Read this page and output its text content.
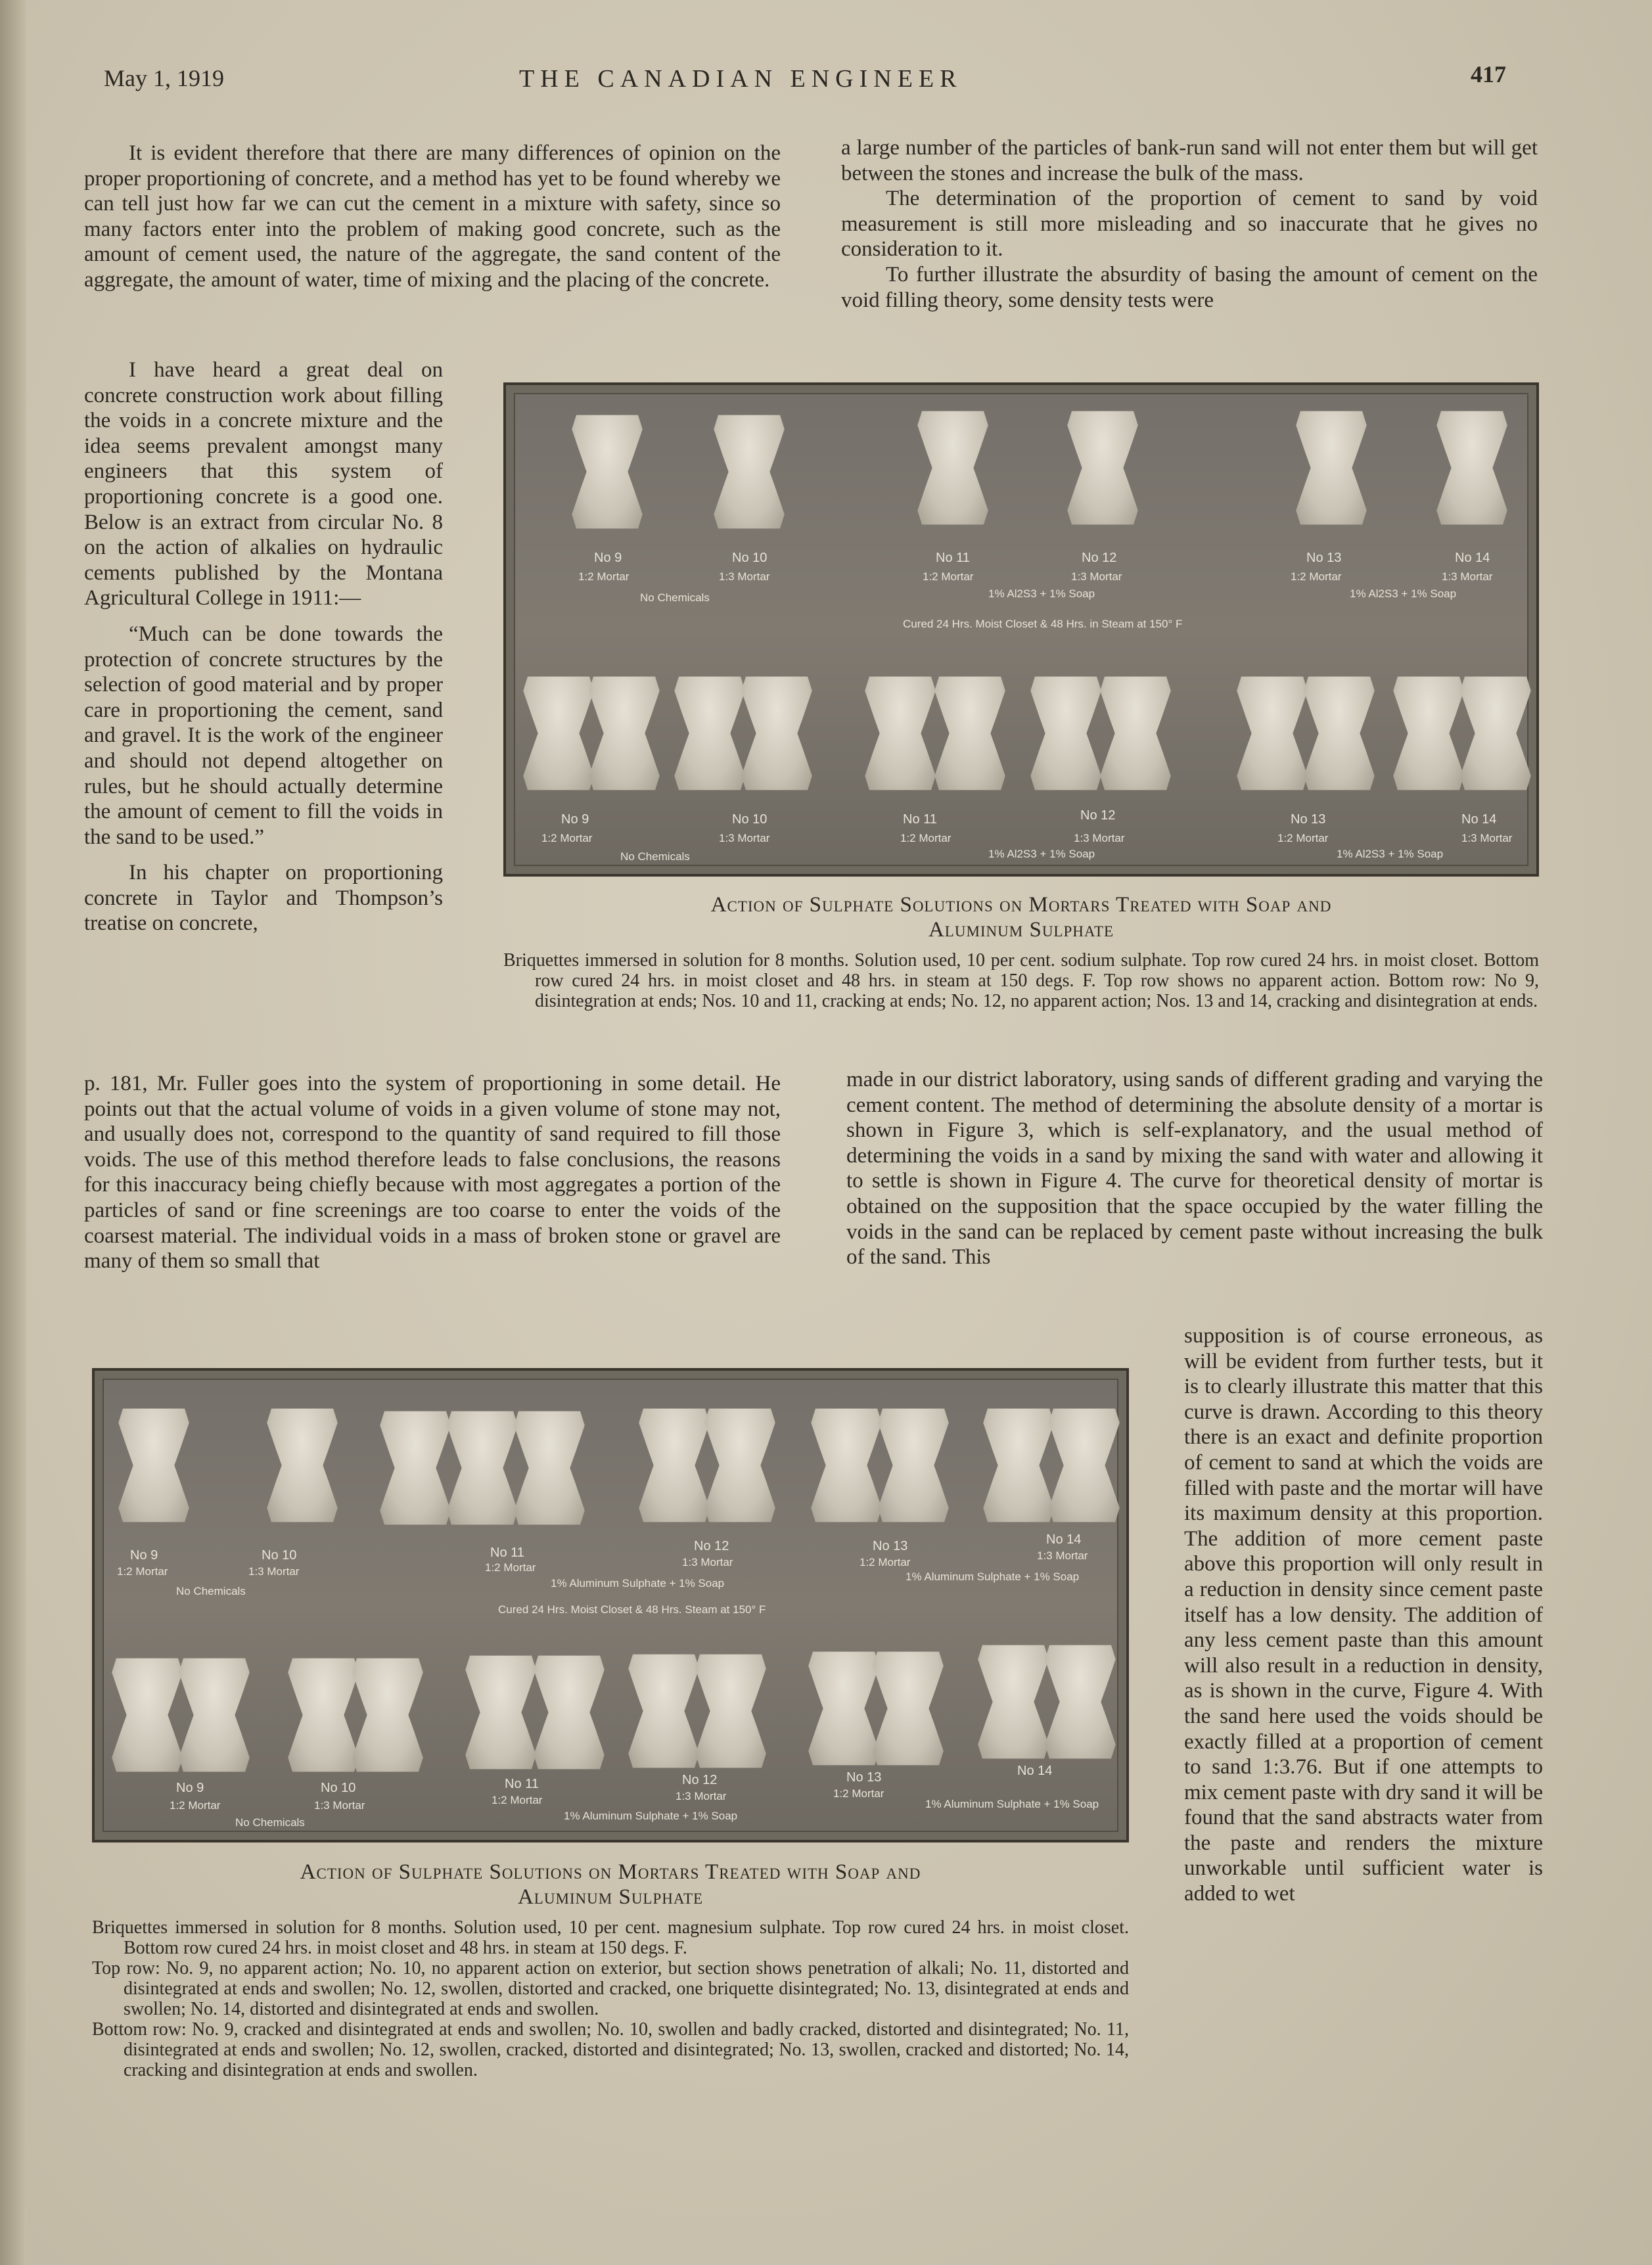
May 1, 1919	THE CANADIAN ENGINEER	417

It is evident therefore that there are many differences of opinion on the proper proportioning of concrete, and a method has yet to be found whereby we can tell just how far we can cut the cement in a mixture with safety, since so many factors enter into the problem of making good concrete, such as the amount of cement used, the nature of the aggregate, the sand content of the aggregate, the amount of water, time of mixing and the placing of the concrete.

a large number of the particles of bank-run sand will not enter them but will get between the stones and increase the bulk of the mass.

The determination of the proportion of cement to sand by void measurement is still more misleading and so inaccurate that he gives no consideration to it.

To further illustrate the absurdity of basing the amount of cement on the void filling theory, some density tests were

I have heard a great deal on concrete construction work about filling the voids in a concrete mixture and the idea seems prevalent amongst many engineers that this system of proportioning concrete is a good one. Below is an extract from circular No. 8 on the action of alkalies on hydraulic cements published by the Montana Agricultural College in 1911:—

“Much can be done towards the protection of concrete structures by the selection of good material and by proper care in proportioning the cement, sand and gravel. It is the work of the engineer and should not depend altogether on rules, but he should actually determine the amount of cement to fill the voids in the sand to be used.”

In his chapter on proportioning concrete in Taylor and Thompson’s treatise on concrete,

No 9	No 10	No 11	No 12	No 13	No 14
1:2 Mortar	1:3 Mortar	1:2 Mortar	1:3 Mortar	1:2 Mortar	1:3 Mortar
No Chemicals	1% Al2S3 + 1% Soap	1% Al2S3 + 1% Soap
Cured 24 Hrs. Moist Closet & 48 Hrs. in Steam at 150° F
No 9	No 10	No 11	No 12	No 13	No 14
1:2 Mortar	1:3 Mortar	1:2 Mortar	1:3 Mortar	1:2 Mortar	1:3 Mortar
No Chemicals	1% Al2S3 + 1% Soap	1% Al2S3 + 1% Soap
Action of Sulphate Solutions on Mortars Treated with Soap and
Aluminum Sulphate

Briquettes immersed in solution for 8 months. Solution used, 10 per cent. sodium sulphate. Top row cured 24 hrs. in moist closet. Bottom row cured 24 hrs. in moist closet and 48 hrs. in steam at 150 degs. F. Top row shows no apparent action. Bottom row: No 9, disintegration at ends; Nos. 10 and 11, cracking at ends; No. 12, no apparent action; Nos. 13 and 14, cracking and disintegration at ends.

p. 181, Mr. Fuller goes into the system of proportioning in some detail. He points out that the actual volume of voids in a given volume of stone may not, and usually does not, correspond to the quantity of sand required to fill those voids. The use of this method therefore leads to false conclusions, the reasons for this inaccuracy being chiefly because with most aggregates a portion of the particles of sand or fine screenings are too coarse to enter the voids of the coarsest material. The individual voids in a mass of broken stone or gravel are many of them so small that

made in our district laboratory, using sands of different grading and varying the cement content. The method of determining the absolute density of a mortar is shown in Figure 3, which is self-explanatory, and the usual method of determining the voids in a sand by mixing the sand with water and allowing it to settle is shown in Figure 4. The curve for theoretical density of mortar is obtained on the supposition that the space occupied by the water filling the voids in the sand can be replaced by cement paste without increasing the bulk of the sand. This

supposition is of course erroneous, as will be evident from further tests, but it is to clearly illustrate this matter that this curve is drawn. According to this theory there is an exact and definite proportion of cement to sand at which the voids are filled with paste and the mortar will have its maximum density at this proportion. The addition of more cement paste above this proportion will only result in a reduction in density since cement paste itself has a low density. The addition of any less cement paste than this amount will also result in a reduction in density, as is shown in the curve, Figure 4. With the sand here used the voids should be exactly filled at a proportion of cement to sand 1:3.76. But if one attempts to mix cement paste with dry sand it will be found that the sand abstracts water from the paste and renders the mixture unworkable until sufficient water is added to wet

No 9	No 10	No 11	No 12	No 13	No 14
1:2 Mortar	1:3 Mortar	1:2 Mortar	1:3 Mortar	1:2 Mortar
1:3 Mortar
No Chemicals
1% Aluminum Sulphate + 1% Soap
1% Aluminum Sulphate + 1% Soap
Cured 24 Hrs. Moist Closet & 48 Hrs. Steam at 150° F
No 9	No 10	No 11	No 12	No 13	No 14
1:2 Mortar	1:3 Mortar	1:2 Mortar	1:3 Mortar	1:2 Mortar
No Chemicals
1% Aluminum Sulphate + 1% Soap
1% Aluminum Sulphate + 1% Soap
Action of Sulphate Solutions on Mortars Treated with Soap and
Aluminum Sulphate

Briquettes immersed in solution for 8 months. Solution used, 10 per cent. magnesium sulphate. Top row cured 24 hrs. in moist closet. Bottom row cured 24 hrs. in moist closet and 48 hrs. in steam at 150 degs. F.

Top row: No. 9, no apparent action; No. 10, no apparent action on exterior, but section shows penetration of alkali; No. 11, distorted and disintegrated at ends and swollen; No. 12, swollen, distorted and cracked, one briquette disintegrated; No. 13, disintegrated at ends and swollen; No. 14, distorted and disintegrated at ends and swollen.

Bottom row: No. 9, cracked and disintegrated at ends and swollen; No. 10, swollen and badly cracked, distorted and disintegrated; No. 11, disintegrated at ends and swollen; No. 12, swollen, cracked, distorted and disintegrated; No. 13, swollen, cracked and distorted; No. 14, cracking and disintegration at ends and swollen.
